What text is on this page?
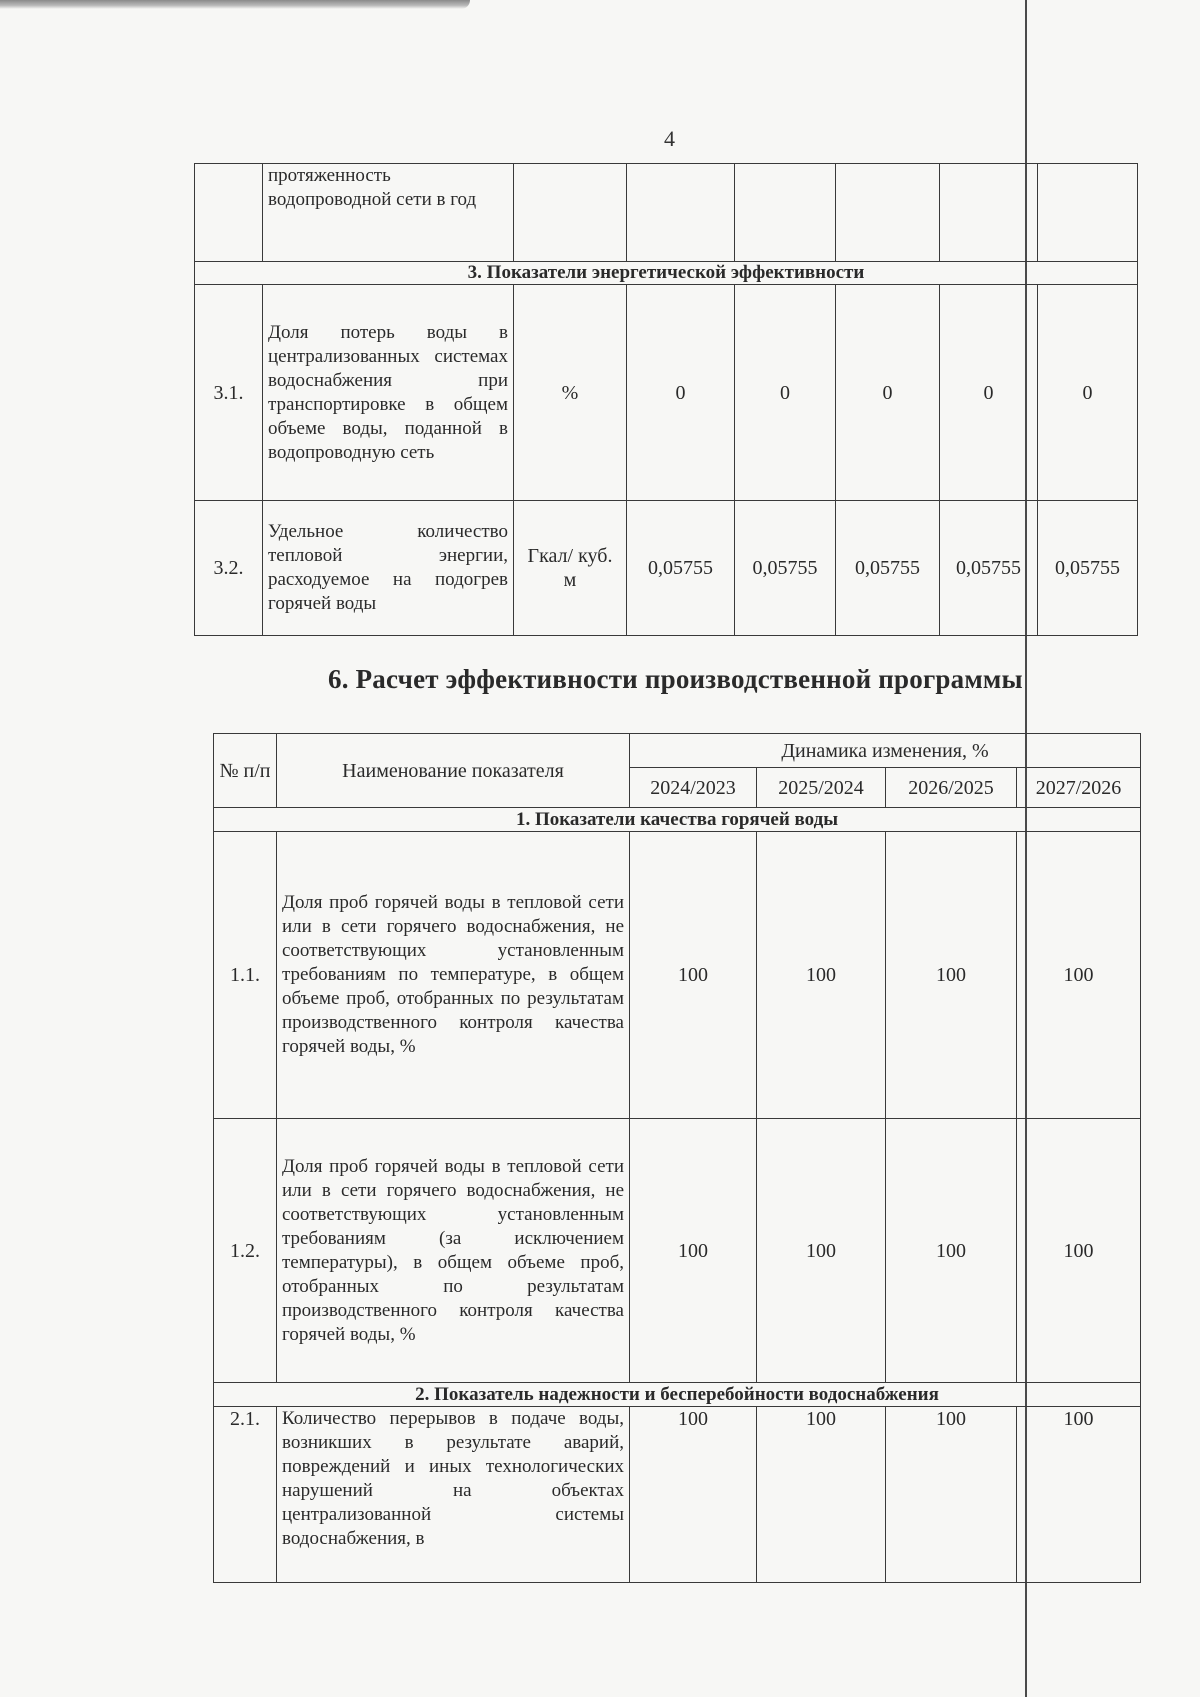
4
	протяженность водопроводной сети в год						
3. Показатели энергетической эффективности							
3.1.	Доля потерь воды в централизованных системах водоснабжения при транспортировке в общем объеме воды, поданной в водопроводную сеть	%	0	0	0	0	0
3.2.	Удельное количество тепловой энергии, расходуемое на подогрев горячей воды	Гкал/ куб. м	0,05755	0,05755	0,05755	0,05755	0,05755
6. Расчет эффективности производственной программы
№ п/п	Наименование показателя	Динамика изменения, %			
		2024/2023	2025/2024	2026/2025	2027/2026
1. Показатели качества горячей воды					
1.1.	Доля проб горячей воды в тепловой сети или в сети горячего водоснабжения, не соответствующих установленным требованиям по температуре, в общем объеме проб, отобранных по результатам производственного контроля качества горячей воды, %	100	100	100	100
1.2.	Доля проб горячей воды в тепловой сети или в сети горячего водоснабжения, не соответствующих установленным требованиям (за исключением температуры), в общем объеме проб, отобранных по результатам производственного контроля качества горячей воды, %	100	100	100	100
2. Показатель надежности и бесперебойности водоснабжения					
2.1.	Количество перерывов в подаче воды, возникших в результате аварий, повреждений и иных технологических нарушений на объектах централизованной системы водоснабжения, в	100	100	100	100
